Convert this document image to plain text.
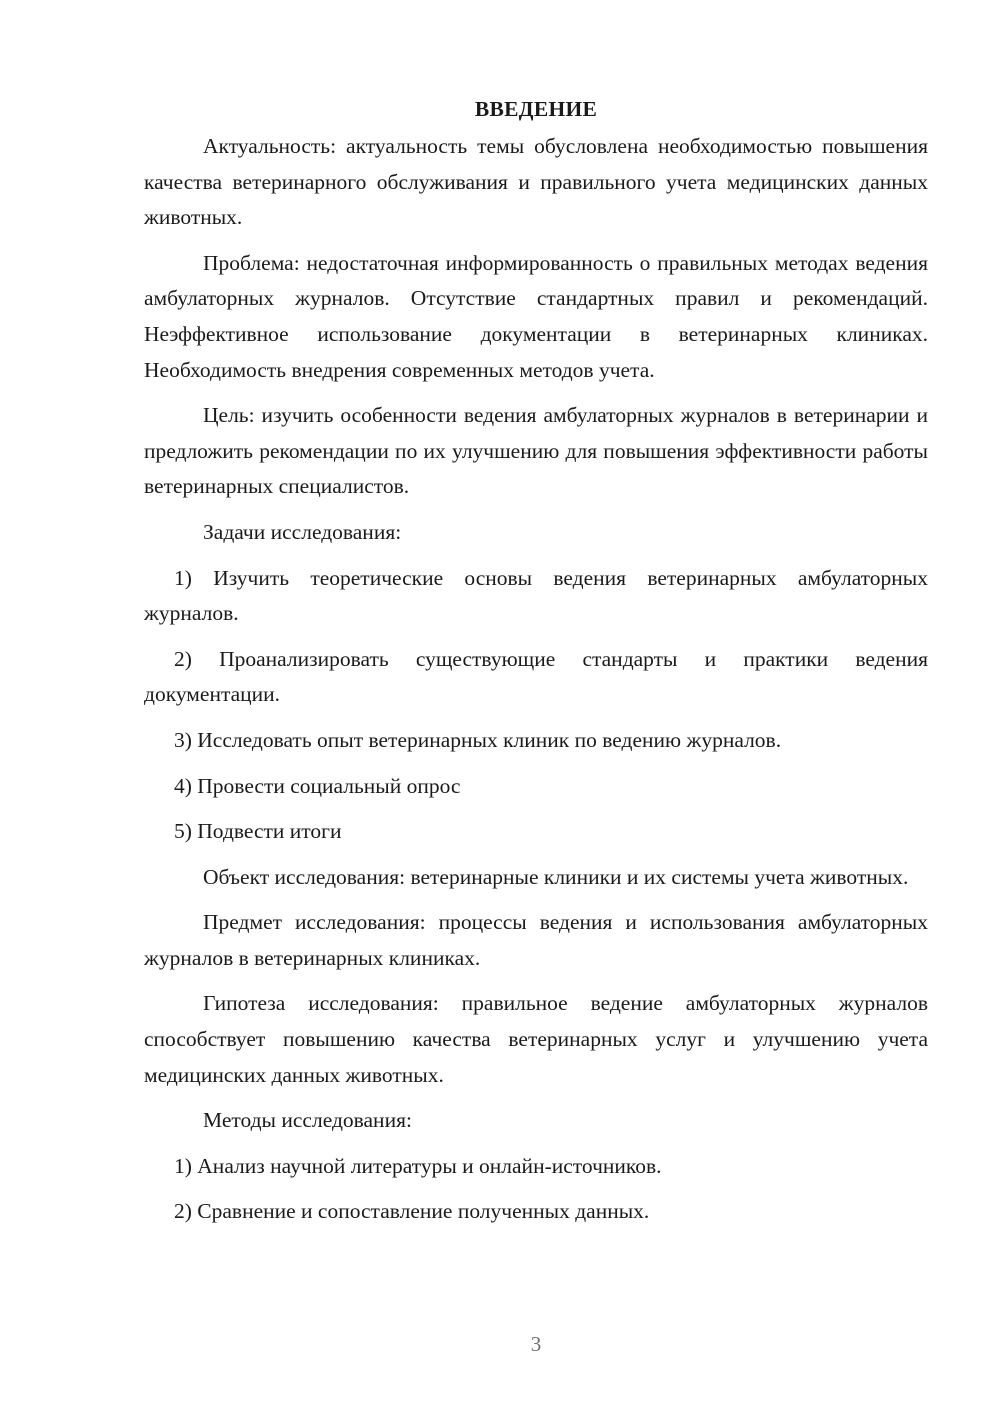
ВВЕДЕНИЕ

Актуальность: актуальность темы обусловлена необходимостью повышения качества ветеринарного обслуживания и правильного учета медицинских данных животных.

Проблема: недостаточная информированность о правильных методах ведения амбулаторных журналов. Отсутствие стандартных правил и рекомендаций. Неэффективное использование документации в ветеринарных клиниках. Необходимость внедрения современных методов учета.

Цель: изучить особенности ведения амбулаторных журналов в ветеринарии и предложить рекомендации по их улучшению для повышения эффективности работы ветеринарных специалистов.

Задачи исследования:

1) Изучить теоретические основы ведения ветеринарных амбулаторных журналов.

2) Проанализировать существующие стандарты и практики ведения документации.

3) Исследовать опыт ветеринарных клиник по ведению журналов.

4) Провести социальный опрос

5) Подвести итоги

Объект исследования: ветеринарные клиники и их системы учета животных.

Предмет исследования: процессы ведения и использования амбулаторных журналов в ветеринарных клиниках.

Гипотеза исследования: правильное ведение амбулаторных журналов способствует повышению качества ветеринарных услуг и улучшению учета медицинских данных животных.

Методы исследования:

1) Анализ научной литературы и онлайн-источников.

2) Сравнение и сопоставление полученных данных.

3
